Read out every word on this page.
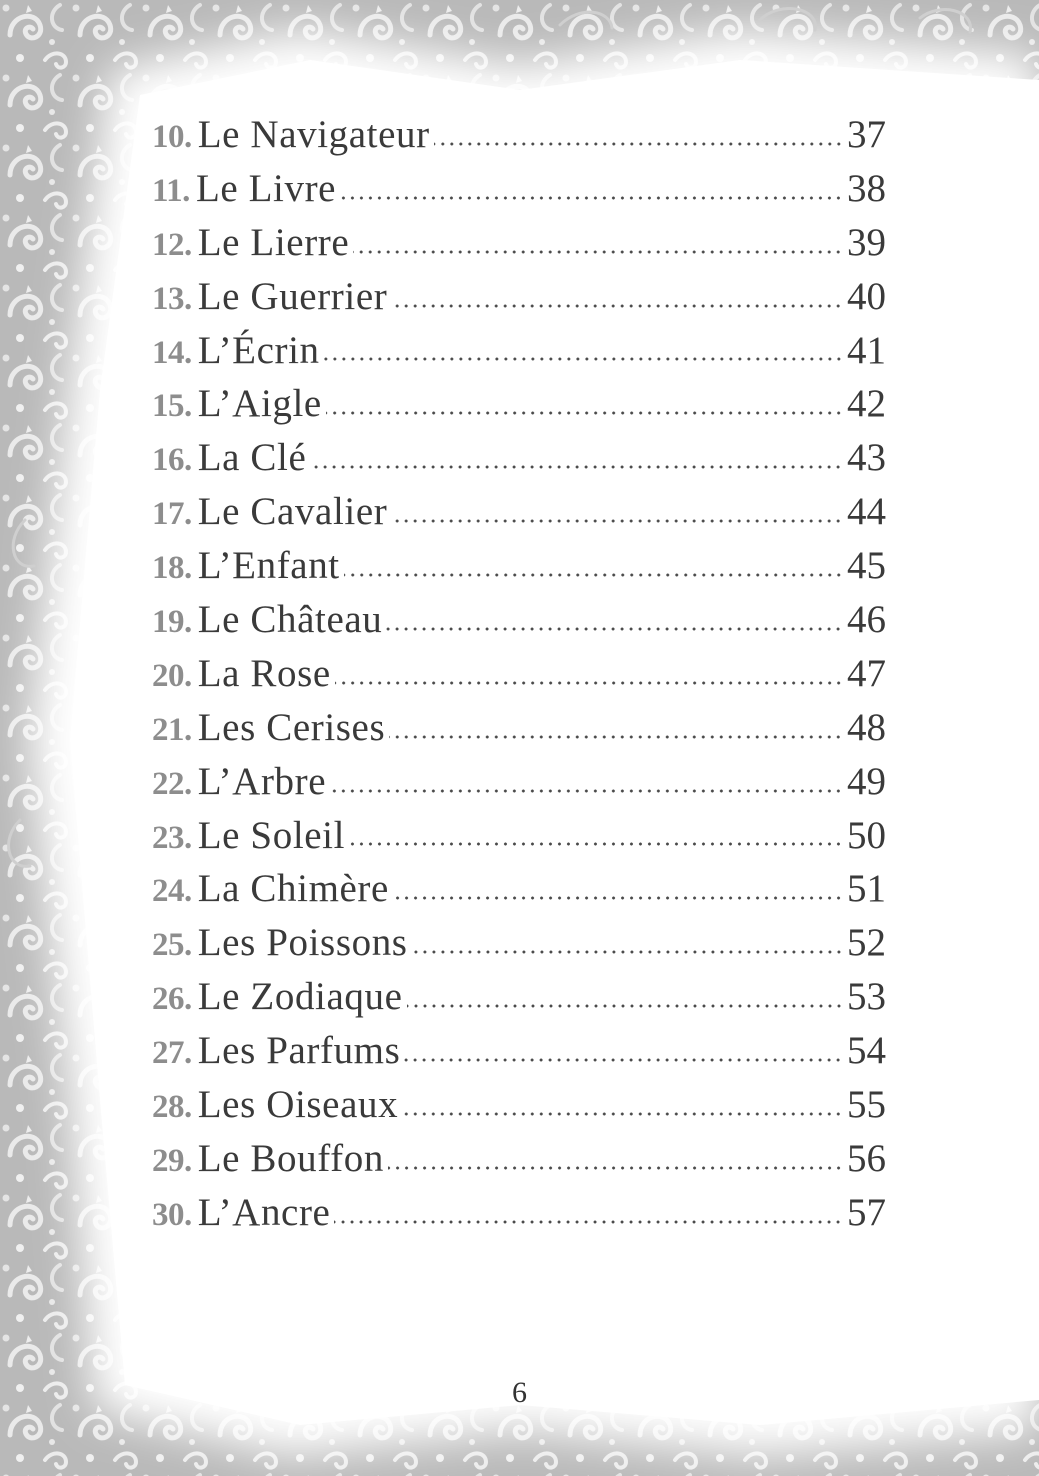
10. Le Navigateur	37
11. Le Livre	38
12. Le Lierre	39
13. Le Guerrier	40
14. L’Écrin	41
15. L’Aigle	42
16. La Clé	43
17. Le Cavalier	44
18. L’Enfant	45
19. Le Château	46
20. La Rose	47
21. Les Cerises	48
22. L’Arbre	49
23. Le Soleil	50
24. La Chimère	51
25. Les Poissons	52
26. Le Zodiaque	53
27. Les Parfums	54
28. Les Oiseaux	55
29. Le Bouffon	56
30. L’Ancre	57
6
